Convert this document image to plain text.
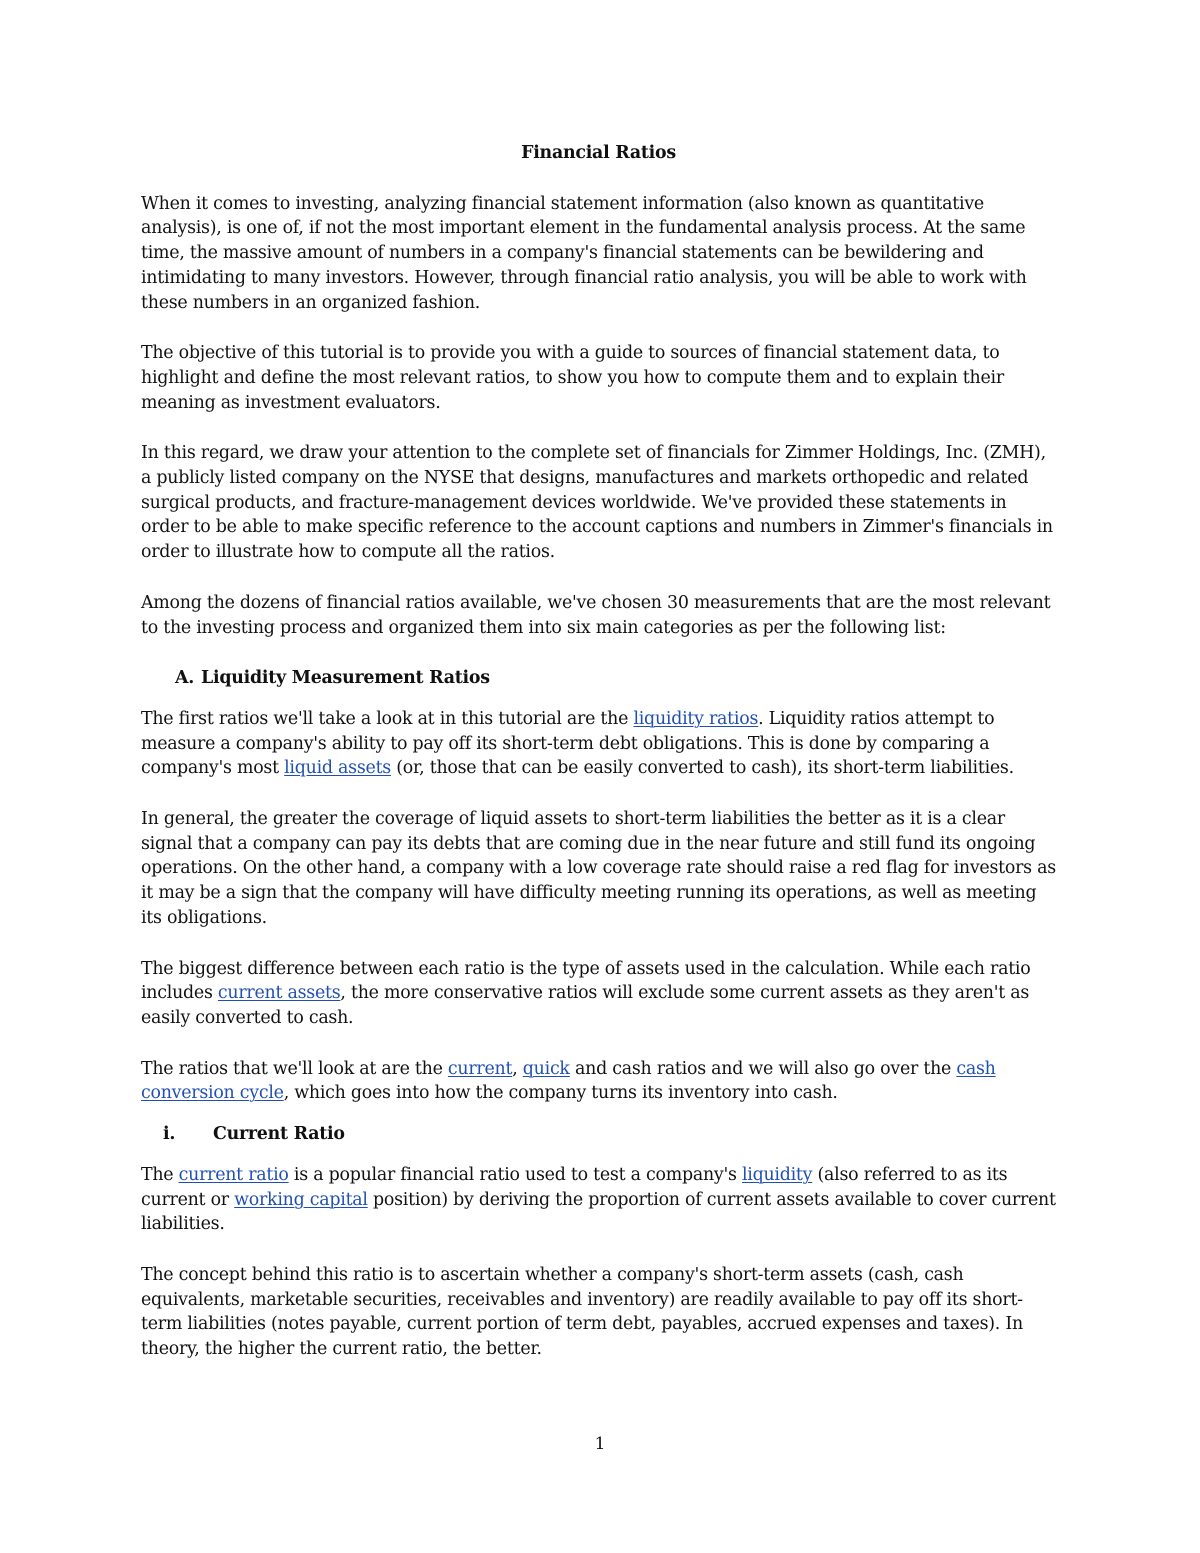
Financial Ratios

When it comes to investing, analyzing financial statement information (also known as quantitative analysis), is one of, if not the most important element in the fundamental analysis process. At the same time, the massive amount of numbers in a company's financial statements can be bewildering and intimidating to many investors. However, through financial ratio analysis, you will be able to work with these numbers in an organized fashion.

The objective of this tutorial is to provide you with a guide to sources of financial statement data, to highlight and define the most relevant ratios, to show you how to compute them and to explain their meaning as investment evaluators.

In this regard, we draw your attention to the complete set of financials for Zimmer Holdings, Inc. (ZMH), a publicly listed company on the NYSE that designs, manufactures and markets orthopedic and related surgical products, and fracture-management devices worldwide. We've provided these statements in order to be able to make specific reference to the account captions and numbers in Zimmer's financials in order to illustrate how to compute all the ratios.

Among the dozens of financial ratios available, we've chosen 30 measurements that are the most relevant to the investing process and organized them into six main categories as per the following list:

A. Liquidity Measurement Ratios

The first ratios we'll take a look at in this tutorial are the liquidity ratios. Liquidity ratios attempt to measure a company's ability to pay off its short-term debt obligations. This is done by comparing a company's most liquid assets (or, those that can be easily converted to cash), its short-term liabilities.

In general, the greater the coverage of liquid assets to short-term liabilities the better as it is a clear signal that a company can pay its debts that are coming due in the near future and still fund its ongoing operations. On the other hand, a company with a low coverage rate should raise a red flag for investors as it may be a sign that the company will have difficulty meeting running its operations, as well as meeting its obligations.

The biggest difference between each ratio is the type of assets used in the calculation. While each ratio includes current assets, the more conservative ratios will exclude some current assets as they aren't as easily converted to cash.

The ratios that we'll look at are the current, quick and cash ratios and we will also go over the cash conversion cycle, which goes into how the company turns its inventory into cash.

i.	Current Ratio

The current ratio is a popular financial ratio used to test a company's liquidity (also referred to as its current or working capital position) by deriving the proportion of current assets available to cover current liabilities.

The concept behind this ratio is to ascertain whether a company's short-term assets (cash, cash equivalents, marketable securities, receivables and inventory) are readily available to pay off its short-term liabilities (notes payable, current portion of term debt, payables, accrued expenses and taxes). In theory, the higher the current ratio, the better.

1
